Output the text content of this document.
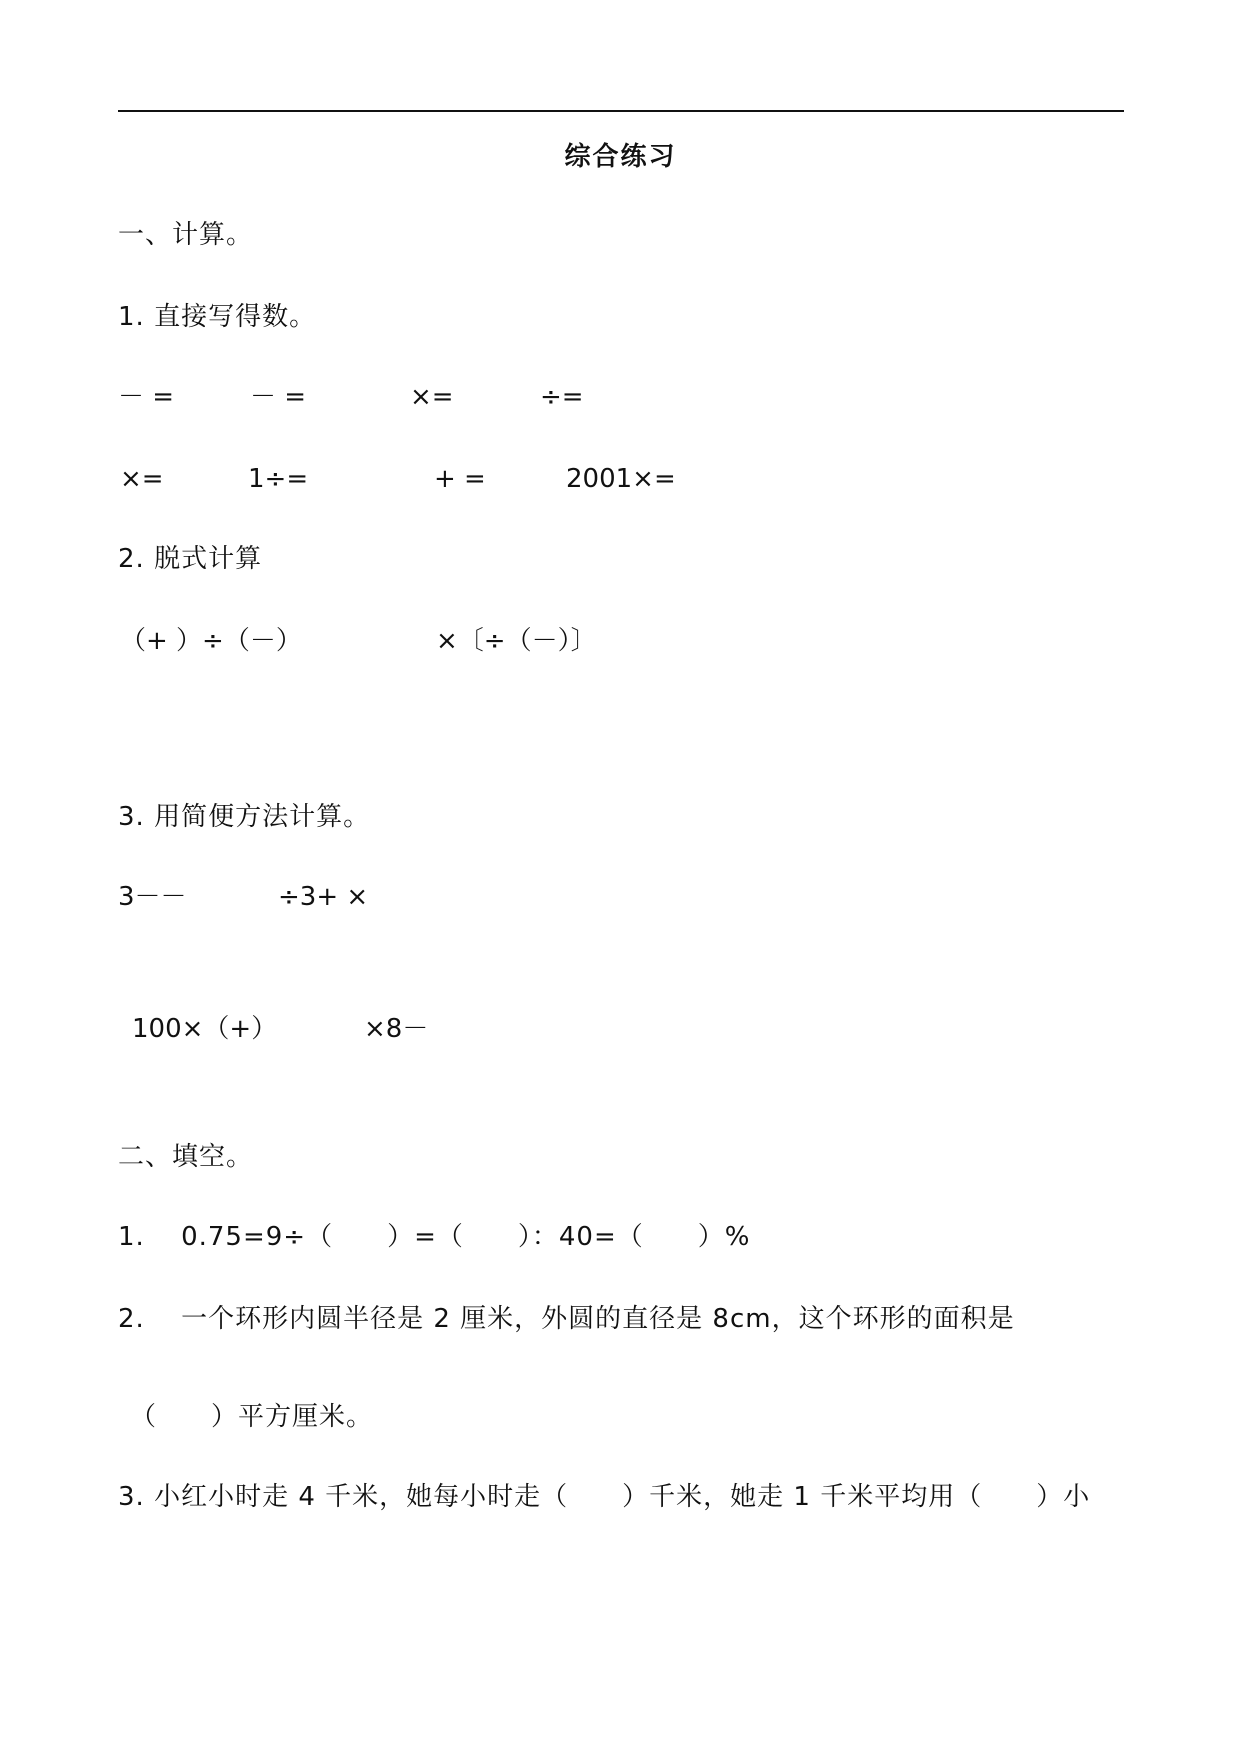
综合练习
一、计算。
1. 直接写得数。
－ =	－ =	×=	÷=
×=	1÷=	+ =	2001×=
2. 脱式计算
（+ ）÷（－）	×〔÷（－）〕
3. 用简便方法计算。
3－－	÷3+ ×
100×（+）	×8－
二、填空。
1.　 0.75=9÷（　　）=（　　）：40=（　　）%
2.　 一个环形内圆半径是 2 厘米，外圆的直径是 8cm，这个环形的面积是
（　　）平方厘米。
3. 小红小时走 4 千米，她每小时走（　　）千米，她走 1 千米平均用（　　）小
